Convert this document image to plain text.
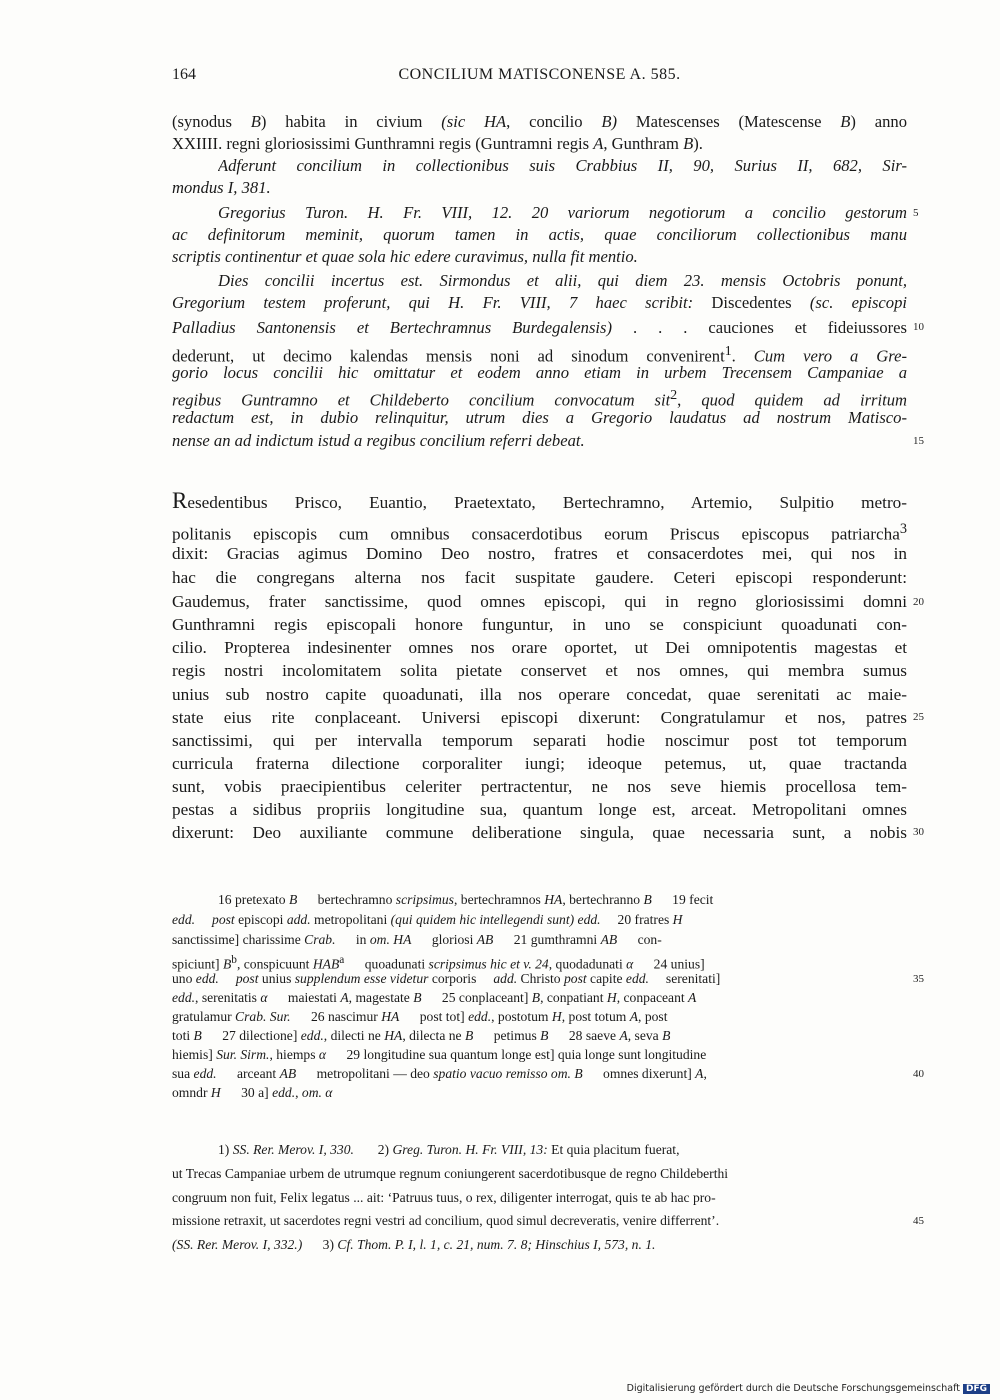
164	CONCILIUM MATISCONENSE A. 585.

(synodus B) habita in civium (sic HA, concilio B) Matescenses (Matescense B) anno

XXIIII. regni gloriosissimi Gunthramni regis (Guntramni regis A, Gunthram B).

Adferunt concilium in collectionibus suis Crabbius II, 90, Surius II, 682, Sir-

mondus I, 381.

Gregorius Turon. H. Fr. VIII, 12. 20 variorum negotiorum a concilio gestorum

ac definitorum meminit, quorum tamen in actis, quae conciliorum collectionibus manu

scriptis continentur et quae sola hic edere curavimus, nulla fit mentio.

Dies concilii incertus est. Sirmondus et alii, qui diem 23. mensis Octobris ponunt,

Gregorium testem proferunt, qui H. Fr. VIII, 7 haec scribit: Discedentes (sc. episcopi

Palladius Santonensis et Bertechramnus Burdegalensis) . . . cauciones et fideiussores

dederunt, ut decimo kalendas mensis noni ad sinodum convenirent$^1$. Cum vero a Gre-

gorio locus concilii hic omittatur et eodem anno etiam in urbem Trecensem Campaniae a

regibus Guntramno et Childeberto concilium convocatum sit$^2$, quod quidem ad irritum

redactum est, in dubio relinquitur, utrum dies a Gregorio laudatus ad nostrum Matisco-

nense an ad indictum istud a regibus concilium referri debeat.

Resedentibus Prisco, Euantio, Praetextato, Bertechramno, Artemio, Sulpitio metro-

politanis episcopis cum omnibus consacerdotibus eorum Priscus episcopus patriarcha$^3$

dixit: Gracias agimus Domino Deo nostro, fratres et consacerdotes mei, qui nos in

hac die congregans alterna nos facit suspitate gaudere. Ceteri episcopi responderunt:

Gaudemus, frater sanctissime, quod omnes episcopi, qui in regno gloriosissimi domni

Gunthramni regis episcopali honore funguntur, in uno se conspiciunt quoadunati con-

cilio. Propterea indesinenter omnes nos orare oportet, ut Dei omnipotentis magestas et

regis nostri incolomitatem solita pietate conservet et nos omnes, qui membra sumus

unius sub nostro capite quoadunati, illa nos operare concedat, quae serenitati ac maie-

state eius rite conplaceant. Universi episcopi dixerunt: Congratulamur et nos, patres

sanctissimi, qui per intervalla temporum separati hodie noscimur post tot temporum

curricula fraterna dilectione corporaliter iungi; ideoque petemus, ut, quae tractanda

sunt, vobis praecipientibus celeriter pertractentur, ne nos seve hiemis procellosa tem-

pestas a sidibus propriis longitudine sua, quantum longe est, arceat. Metropolitani omnes

dixerunt: Deo auxiliante commune deliberatione singula, quae necessaria sunt, a nobis

16 pretexato B      bertechramno scripsimus, bertechramnos HA, bertechranno B      19 fecit

edd. post episcopi add. metropolitani (qui quidem hic intellegendi sunt) edd.     20 fratres H

sanctissime] charissime Crab.      in om. HA      gloriosi AB      21 gumthramni AB      con-

spiciunt] $B^b$, conspicuunt HAB$^a$      quoadunati scripsimus hic et v. 24, quodadunati α      24 unius]

uno edd. post unius supplendum esse videtur corporis     add. Christo post capite edd.     serenitati]

edd., serenitatis α      maiestati A, magestate B      25 conplaceant] B, conpatiant H, conpaceant A

gratulamur Crab. Sur.      26 nascimur HA      post tot] edd., postotum H, post totum A, post

toti B      27 dilectione] edd., dilecti ne HA, dilecta ne B      petimus B      28 saeve A, seva B

hiemis] Sur. Sirm., hiemps α      29 longitudine sua quantum longe est] quia longe sunt longitudine

sua edd.      arceant AB      metropolitani — deo spatio vacuo remisso om. B      omnes dixerunt] A,

omndr H      30 a] edd., om. α

1) SS. Rer. Merov. I, 330.       2) Greg. Turon. H. Fr. VIII, 13: Et quia placitum fuerat,

ut Trecas Campaniae urbem de utrumque regnum coniungerent sacerdotibusque de regno Childeberthi

congruum non fuit, Felix legatus ... ait: ‘Patruus tuus, o rex, diligenter interrogat, quis te ab hac pro-

missione retraxit, ut sacerdotes regni vestri ad concilium, quod simul decreveratis, venire differrent’.

(SS. Rer. Merov. I, 332.)      3) Cf. Thom. P. I, l. 1, c. 21, num. 7. 8; Hinschius I, 573, n. 1.

5
10
15
20
25
30
35
40
45
Digitalisierung gefördert durch die Deutsche Forschungsgemeinschaft DFG
